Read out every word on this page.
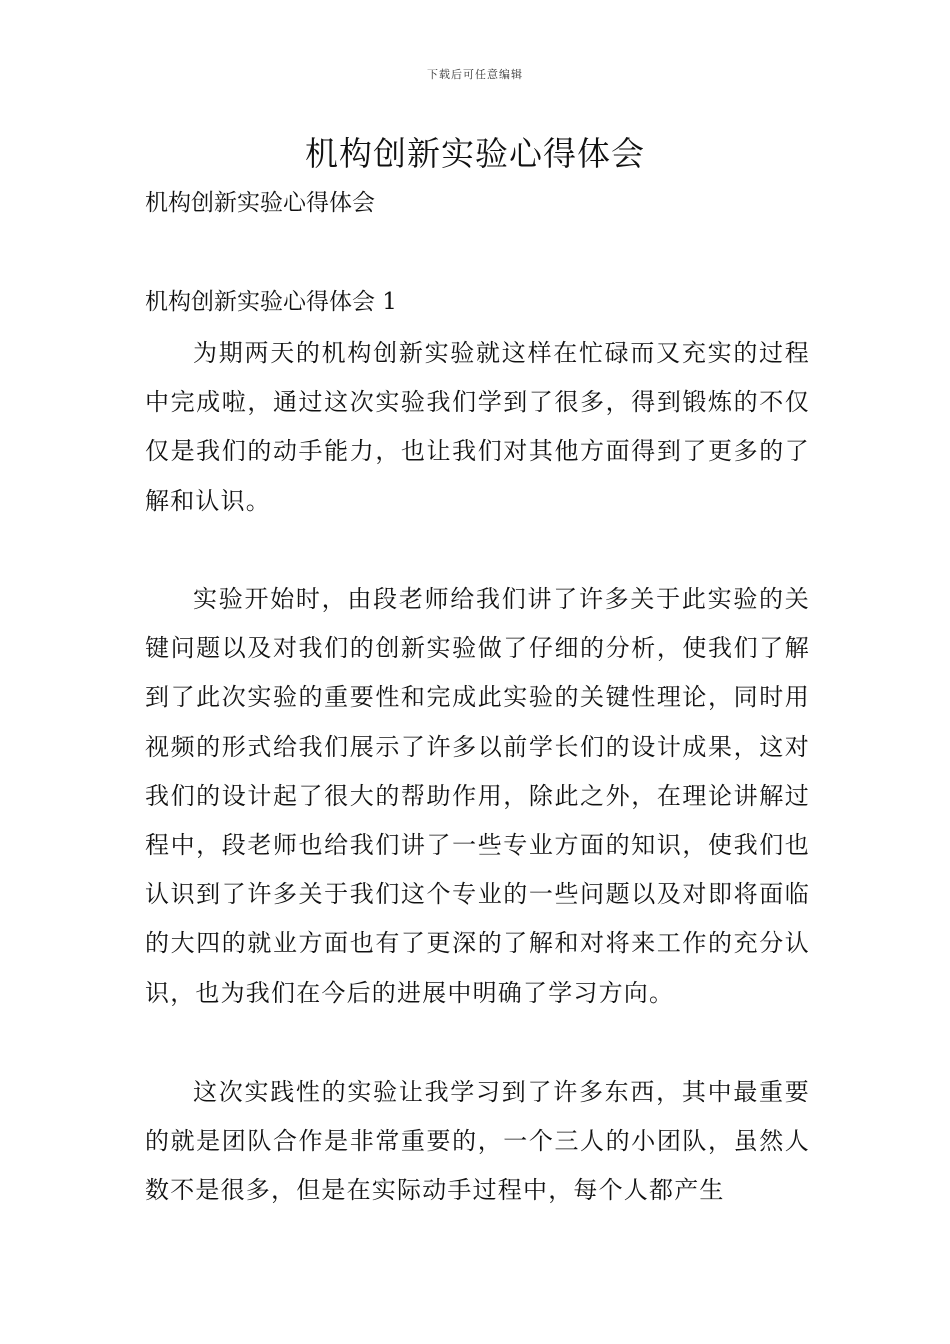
下载后可任意编辑
机构创新实验心得体会

机构创新实验心得体会

机构创新实验心得体会 1

为期两天的机构创新实验就这样在忙碌而又充实的过程中完成啦，通过这次实验我们学到了很多，得到锻炼的不仅仅是我们的动手能力，也让我们对其他方面得到了更多的了解和认识。

实验开始时，由段老师给我们讲了许多关于此实验的关键问题以及对我们的创新实验做了仔细的分析，使我们了解到了此次实验的重要性和完成此实验的关键性理论，同时用视频的形式给我们展示了许多以前学长们的设计成果，这对我们的设计起了很大的帮助作用，除此之外，在理论讲解过程中，段老师也给我们讲了一些专业方面的知识，使我们也认识到了许多关于我们这个专业的一些问题以及对即将面临的大四的就业方面也有了更深的了解和对将来工作的充分认识，也为我们在今后的进展中明确了学习方向。

这次实践性的实验让我学习到了许多东西，其中最重要的就是团队合作是非常重要的，一个三人的小团队，虽然人数不是很多，但是在实际动手过程中，每个人都产生
